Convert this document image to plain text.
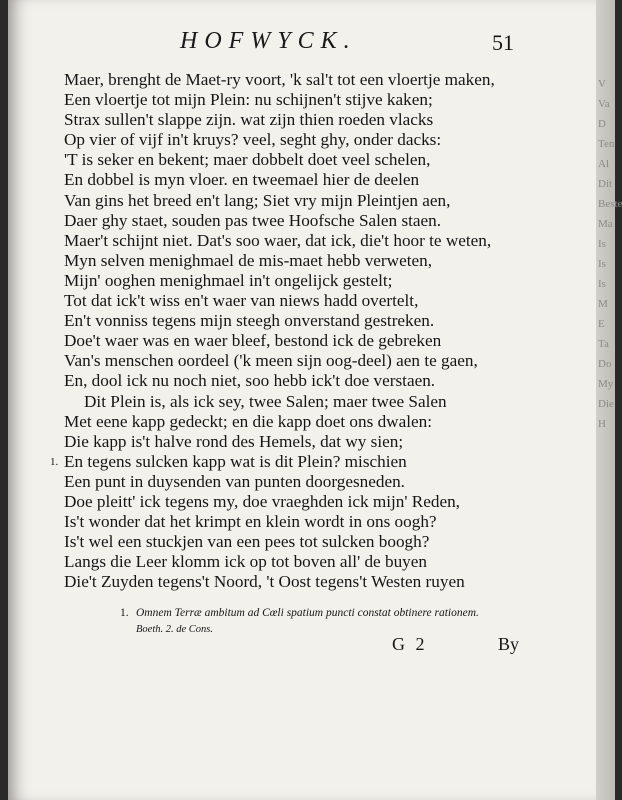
HOFWYCK.	51
Maer, brenght de Maet-ry voort, 'k sal't tot een vloertje maken,
Een vloertje tot mijn Plein: nu schijnen't stijve kaken;
Strax sullen't slappe zijn. wat zijn thien roeden vlacks
Op vier of vijf in't kruys? veel, seght ghy, onder dacks:
'T is seker en bekent; maer dobbelt doet veel schelen,
En dobbel is myn vloer. en tweemael hier de deelen
Van gins het breed en't lang; Siet vry mijn Pleintjen aen,
Daer ghy staet, souden pas twee Hoofsche Salen staen.
Maer't schijnt niet. Dat's soo waer, dat ick, die't hoor te weten,
Myn selven menighmael de mis-maet hebb verweten,
Mijn' ooghen menighmael in't ongelijck gestelt;
Tot dat ick't wiss en't waer van niews hadd overtelt,
En't vonniss tegens mijn steegh onverstand gestreken.
Doe't waer was en waer bleef, bestond ick de gebreken
Van's menschen oordeel ('k meen sijn oog-deel) aen te gaen,
En, dool ick nu noch niet, soo hebb ick't doe verstaen.
Dit Plein is, als ick sey, twee Salen; maer twee Salen
Met eene kapp gedeckt; en die kapp doet ons dwalen:
Die kapp is't halve rond des Hemels, dat wy sien;
1. En tegens sulcken kapp wat is dit Plein? mischien
Een punt in duysenden van punten doorgesneden.
Doe pleitt' ick tegens my, doe vraeghden ick mijn' Reden,
Is't wonder dat het krimpt en klein wordt in ons oogh?
Is't wel een stuckjen van een pees tot sulcken boogh?
Langs die Leer klomm ick op tot boven all' de buyen
Die't Zuyden tegens't Noord, 't Oost tegens't Westen ruyen
1. Omnem Terræ ambitum ad Cœli spatium puncti constat obtinere rationem.
Boeth. 2. de Cons.
G 2	By
V
Va
D
Ten
Al
Dit
Beste
Ma
Is
Is
Is
M
E
Ta
Do
My
Die
H
